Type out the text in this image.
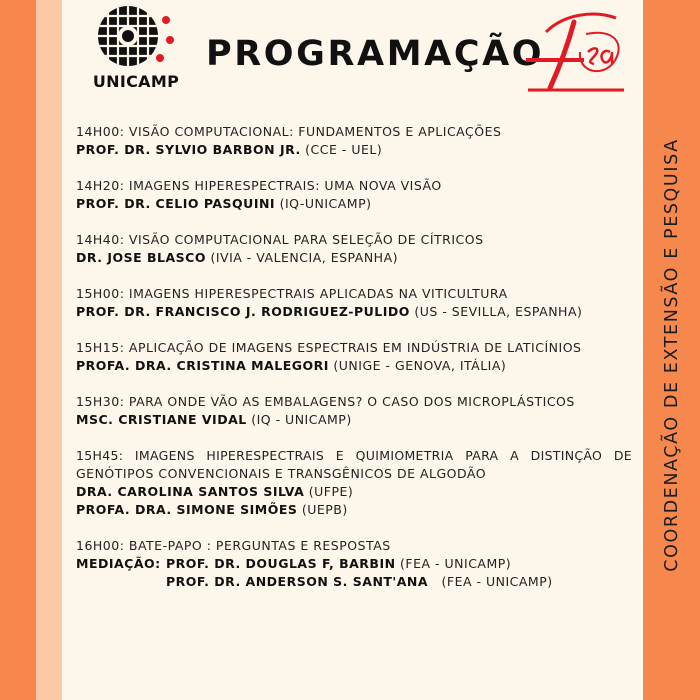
COORDENAÇÃO DE EXTENSÃO E PESQUISA
UNICAMP
PROGRAMAÇÃO
14H00: VISÃO COMPUTACIONAL: FUNDAMENTOS E APLICAÇÕES
PROF. DR. SYLVIO BARBON JR. (CCE - UEL)
14H20: IMAGENS HIPERESPECTRAIS: UMA NOVA VISÃO
PROF. DR. CELIO PASQUINI (IQ-UNICAMP)
14H40: VISÃO COMPUTACIONAL PARA SELEÇÃO DE CÍTRICOS
DR. JOSE BLASCO (IVIA - VALENCIA, ESPANHA)
15H00: IMAGENS HIPERESPECTRAIS APLICADAS NA VITICULTURA
PROF. DR. FRANCISCO J. RODRIGUEZ-PULIDO (US - SEVILLA, ESPANHA)
15H15: APLICAÇÃO DE IMAGENS ESPECTRAIS EM INDÚSTRIA DE LATICÍNIOS
PROFA. DRA. CRISTINA MALEGORI (UNIGE - GENOVA, ITÁLIA)
15H30: PARA ONDE VÃO AS EMBALAGENS? O CASO DOS MICROPLÁSTICOS
MSC. CRISTIANE VIDAL (IQ - UNICAMP)
15H45: IMAGENS HIPERESPECTRAIS E QUIMIOMETRIA PARA A DISTINÇÃO DE
GENÓTIPOS CONVENCIONAIS E TRANSGÊNICOS DE ALGODÃO
DRA. CAROLINA SANTOS SILVA (UFPE)
PROFA. DRA. SIMONE SIMÕES (UEPB)
16H00: BATE-PAPO : PERGUNTAS E RESPOSTAS
MEDIAÇÃO: PROF. DR. DOUGLAS F, BARBIN (FEA - UNICAMP)
PROF. DR. ANDERSON S. SANT'ANA   (FEA - UNICAMP)
